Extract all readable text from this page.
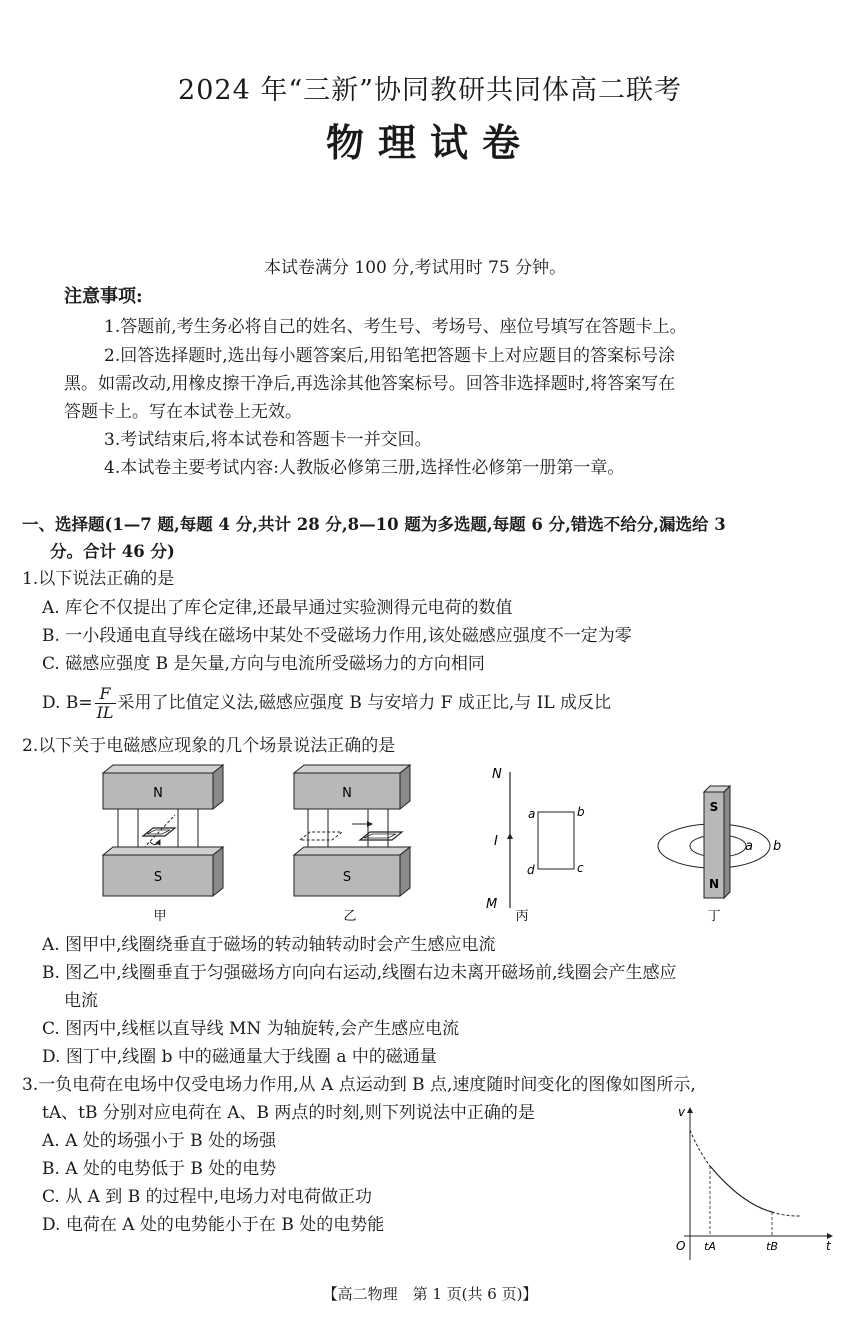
2024 年“三新”协同教研共同体高二联考
物理试卷
本试卷满分 100 分,考试用时 75 分钟。
注意事项:
1.答题前,考生务必将自己的姓名、考生号、考场号、座位号填写在答题卡上。
2.回答选择题时,选出每小题答案后,用铅笔把答题卡上对应题目的答案标号涂
黑。如需改动,用橡皮擦干净后,再选涂其他答案标号。回答非选择题时,将答案写在
答题卡上。写在本试卷上无效。
3.考试结束后,将本试卷和答题卡一并交回。
4.本试卷主要考试内容:人教版必修第三册,选择性必修第一册第一章。
一、选择题(1—7 题,每题 4 分,共计 28 分,8—10 题为多选题,每题 6 分,错选不给分,漏选给 3
分。合计 46 分)
1.以下说法正确的是
A. 库仑不仅提出了库仑定律,还最早通过实验测得元电荷的数值
B. 一小段通电直导线在磁场中某处不受磁场力作用,该处磁感应强度不一定为零
C. 磁感应强度 B 是矢量,方向与电流所受磁场力的方向相同
D. $B= \frac{F}{IL}$ 采用了比值定义法,磁感应强度 B 与安培力 F 成正比,与 IL 成反比
2.以下关于电磁感应现象的几个场景说法正确的是
N
S
甲
N
S
乙
N
M
I
a	b
c
d
丙
S
N
a b
丁
A. 图甲中,线圈绕垂直于磁场的转动轴转动时会产生感应电流
B. 图乙中,线圈垂直于匀强磁场方向向右运动,线圈右边未离开磁场前,线圈会产生感应
电流
C. 图丙中,线框以直导线 MN 为轴旋转,会产生感应电流
D. 图丁中,线圈 b 中的磁通量大于线圈 a 中的磁通量
3.一负电荷在电场中仅受电场力作用,从 A 点运动到 B 点,速度随时间变化的图像如图所示,
tA、tB 分别对应电荷在 A、B 两点的时刻,则下列说法中正确的是
A. A 处的场强小于 B 处的场强
B. A 处的电势低于 B 处的电势
C. 从 A 到 B 的过程中,电场力对电荷做正功
D. 电荷在 A 处的电势能小于在 B 处的电势能
v
t
O tA	tB
【高二物理　第 1 页(共 6 页)】
